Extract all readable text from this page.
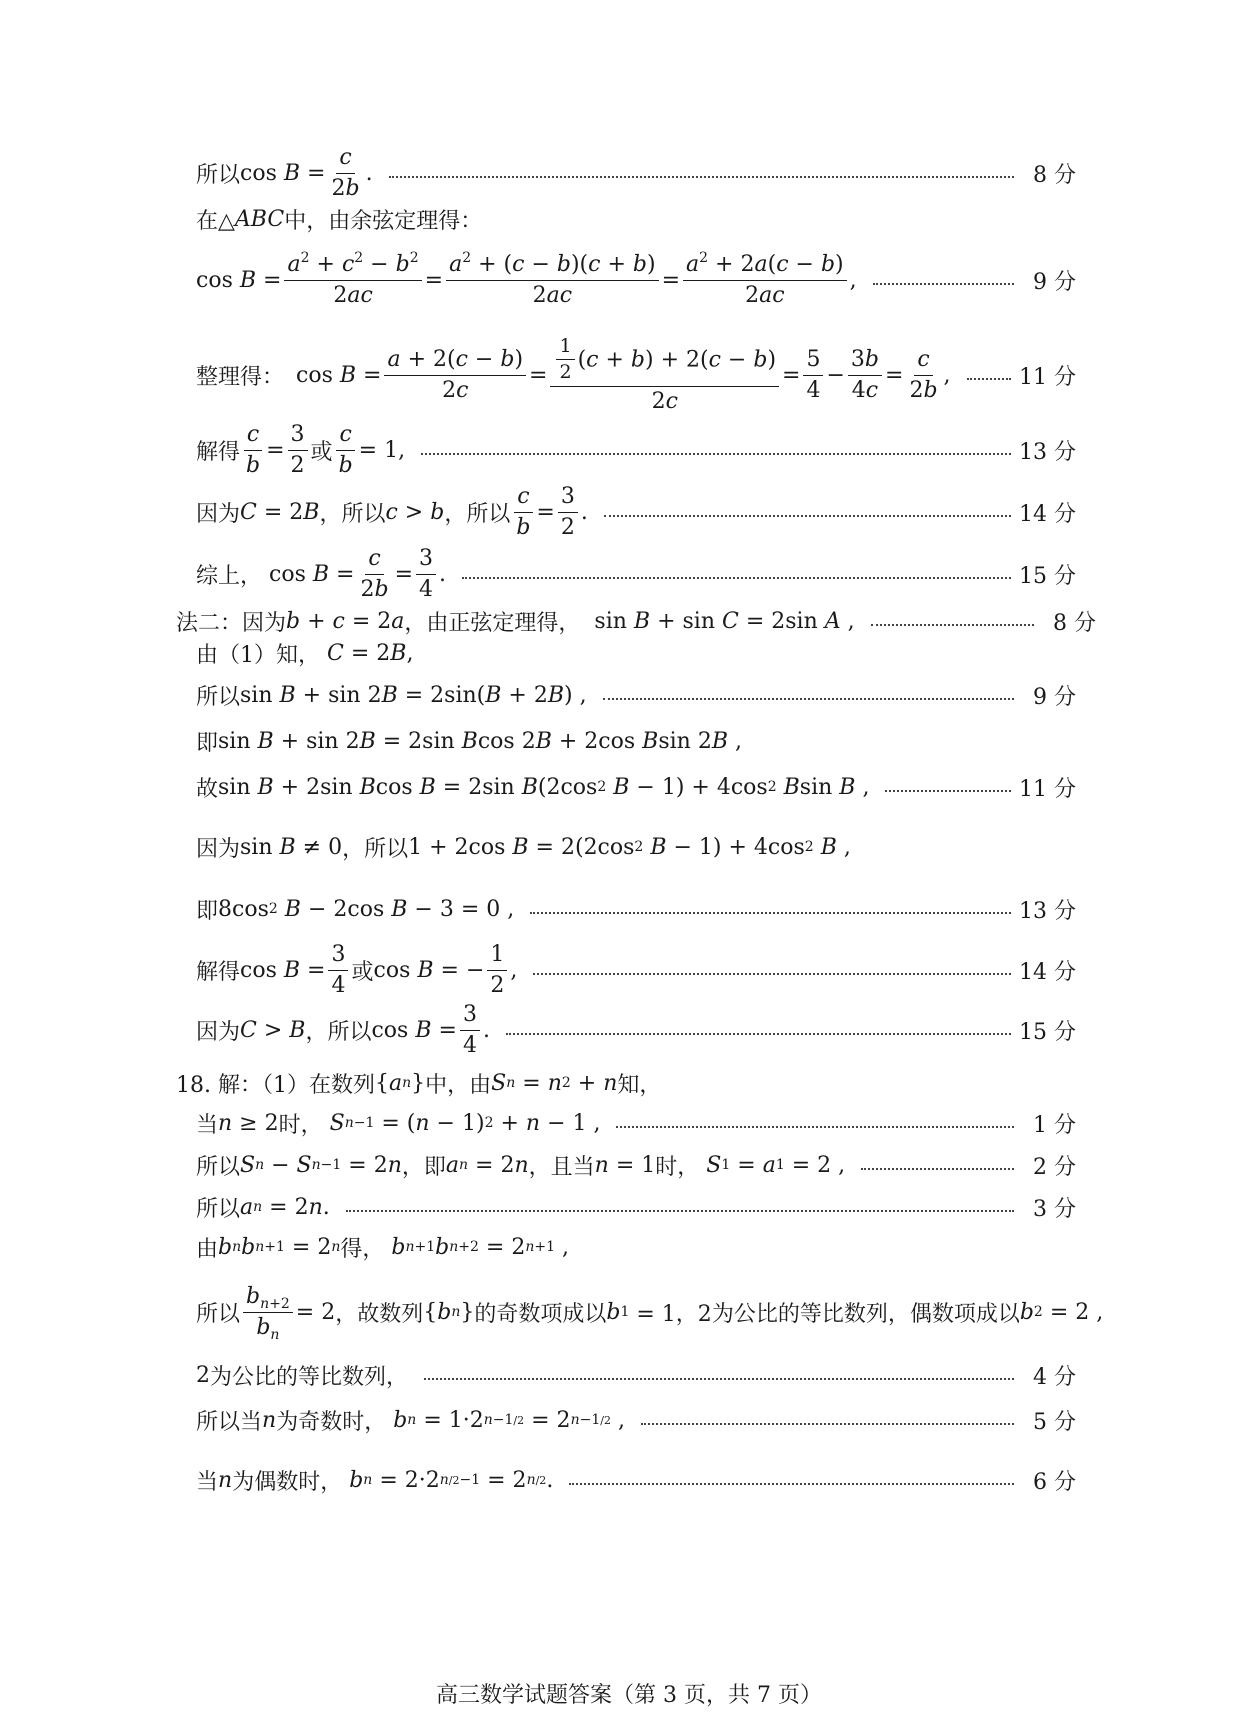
所以 $\cos B = \frac{c}{2b}$ .	8 分
在△ ABC 中，由余弦定理得：
$\cos B = \frac{a^2 + c^2 - b^2}{2ac} = \frac{a^2 + (c - b)(c + b)}{2ac} = \frac{a^2 + 2a(c - b)}{2ac}$ ,	9 分
整理得： $\cos B = \frac{a + 2(c - b)}{2c} = \frac{\frac{1}{2} (c + b) + 2(c - b)}{2c} = \frac{5}{4} - \frac{3b}{4c} = \frac{c}{2b}$ ,	11 分
解得 $\frac{c}{b} = \frac{3}{2}$ 或 $\frac{c}{b} = 1$,	13 分
因为 C = 2 B ，所以 c > b ，所以 $\frac{c}{b} = \frac{3}{2}$ .	14 分
综上， $\cos B = \frac{c}{2b} = \frac{3}{4}$ .	15 分
法二：因为 b + c = 2 a ，由正弦定理得， sin B + sin C = 2sin A ,	8 分
由（1）知，
C = 2 B ,
所以 sin B + sin 2 B = 2sin( B + 2 B ) ,	9 分
即 sin B + sin 2 B = 2sin B cos 2 B + 2cos B sin 2 B ,
故 sin B + 2sin B cos B = 2sin B (2cos 2
B − 1) + 4cos 2
B sin B ,	11 分
因为 sin B ≠ 0 ，所以 1 + 2cos B = 2(2cos 2
B − 1) + 4cos 2
B ,
即 8cos 2
B − 2cos B − 3 = 0 ,	13 分
解得 $\cos B = \frac{3}{4}$ 或 cos B = − $\frac{1}{2}$ ,	14 分
因为 C > B ，所以 $\cos B = \frac{3}{4}$ .	15 分
18. 解：（1）在数列 { a n } 中，由 S n = n 2 + n 知，
当 n ≥ 2 时，
S n−1 = ( n − 1) 2 + n − 1 ,	1 分
所以 S n − S n−1 = 2 n ，即 a n = 2 n ，且当 n = 1 时，
S 1 = a 1 = 2 ,	2 分
所以 a n = 2 n .	3 分
由 b n b n+1 = 2 n 得，
b n+1 b n+2 = 2 n+1 ,
所以 $\frac{b_{n+2}}{b_n} = 2$ ，故数列 { b n } 的奇数项成以 b 1 = 1，2 为公比的等比数列，偶数项成以 b 2 = 2 ,
2 为公比的等比数列，	4 分
所以当 n 为奇数时，
b n = 1·2 n−1/2 = 2 n−1/2 ,	5 分
当 n 为偶数时，
b n = 2·2 n/2−1 = 2 n/2 .	6 分
高三数学试题答案（第 3 页，共 7 页）
